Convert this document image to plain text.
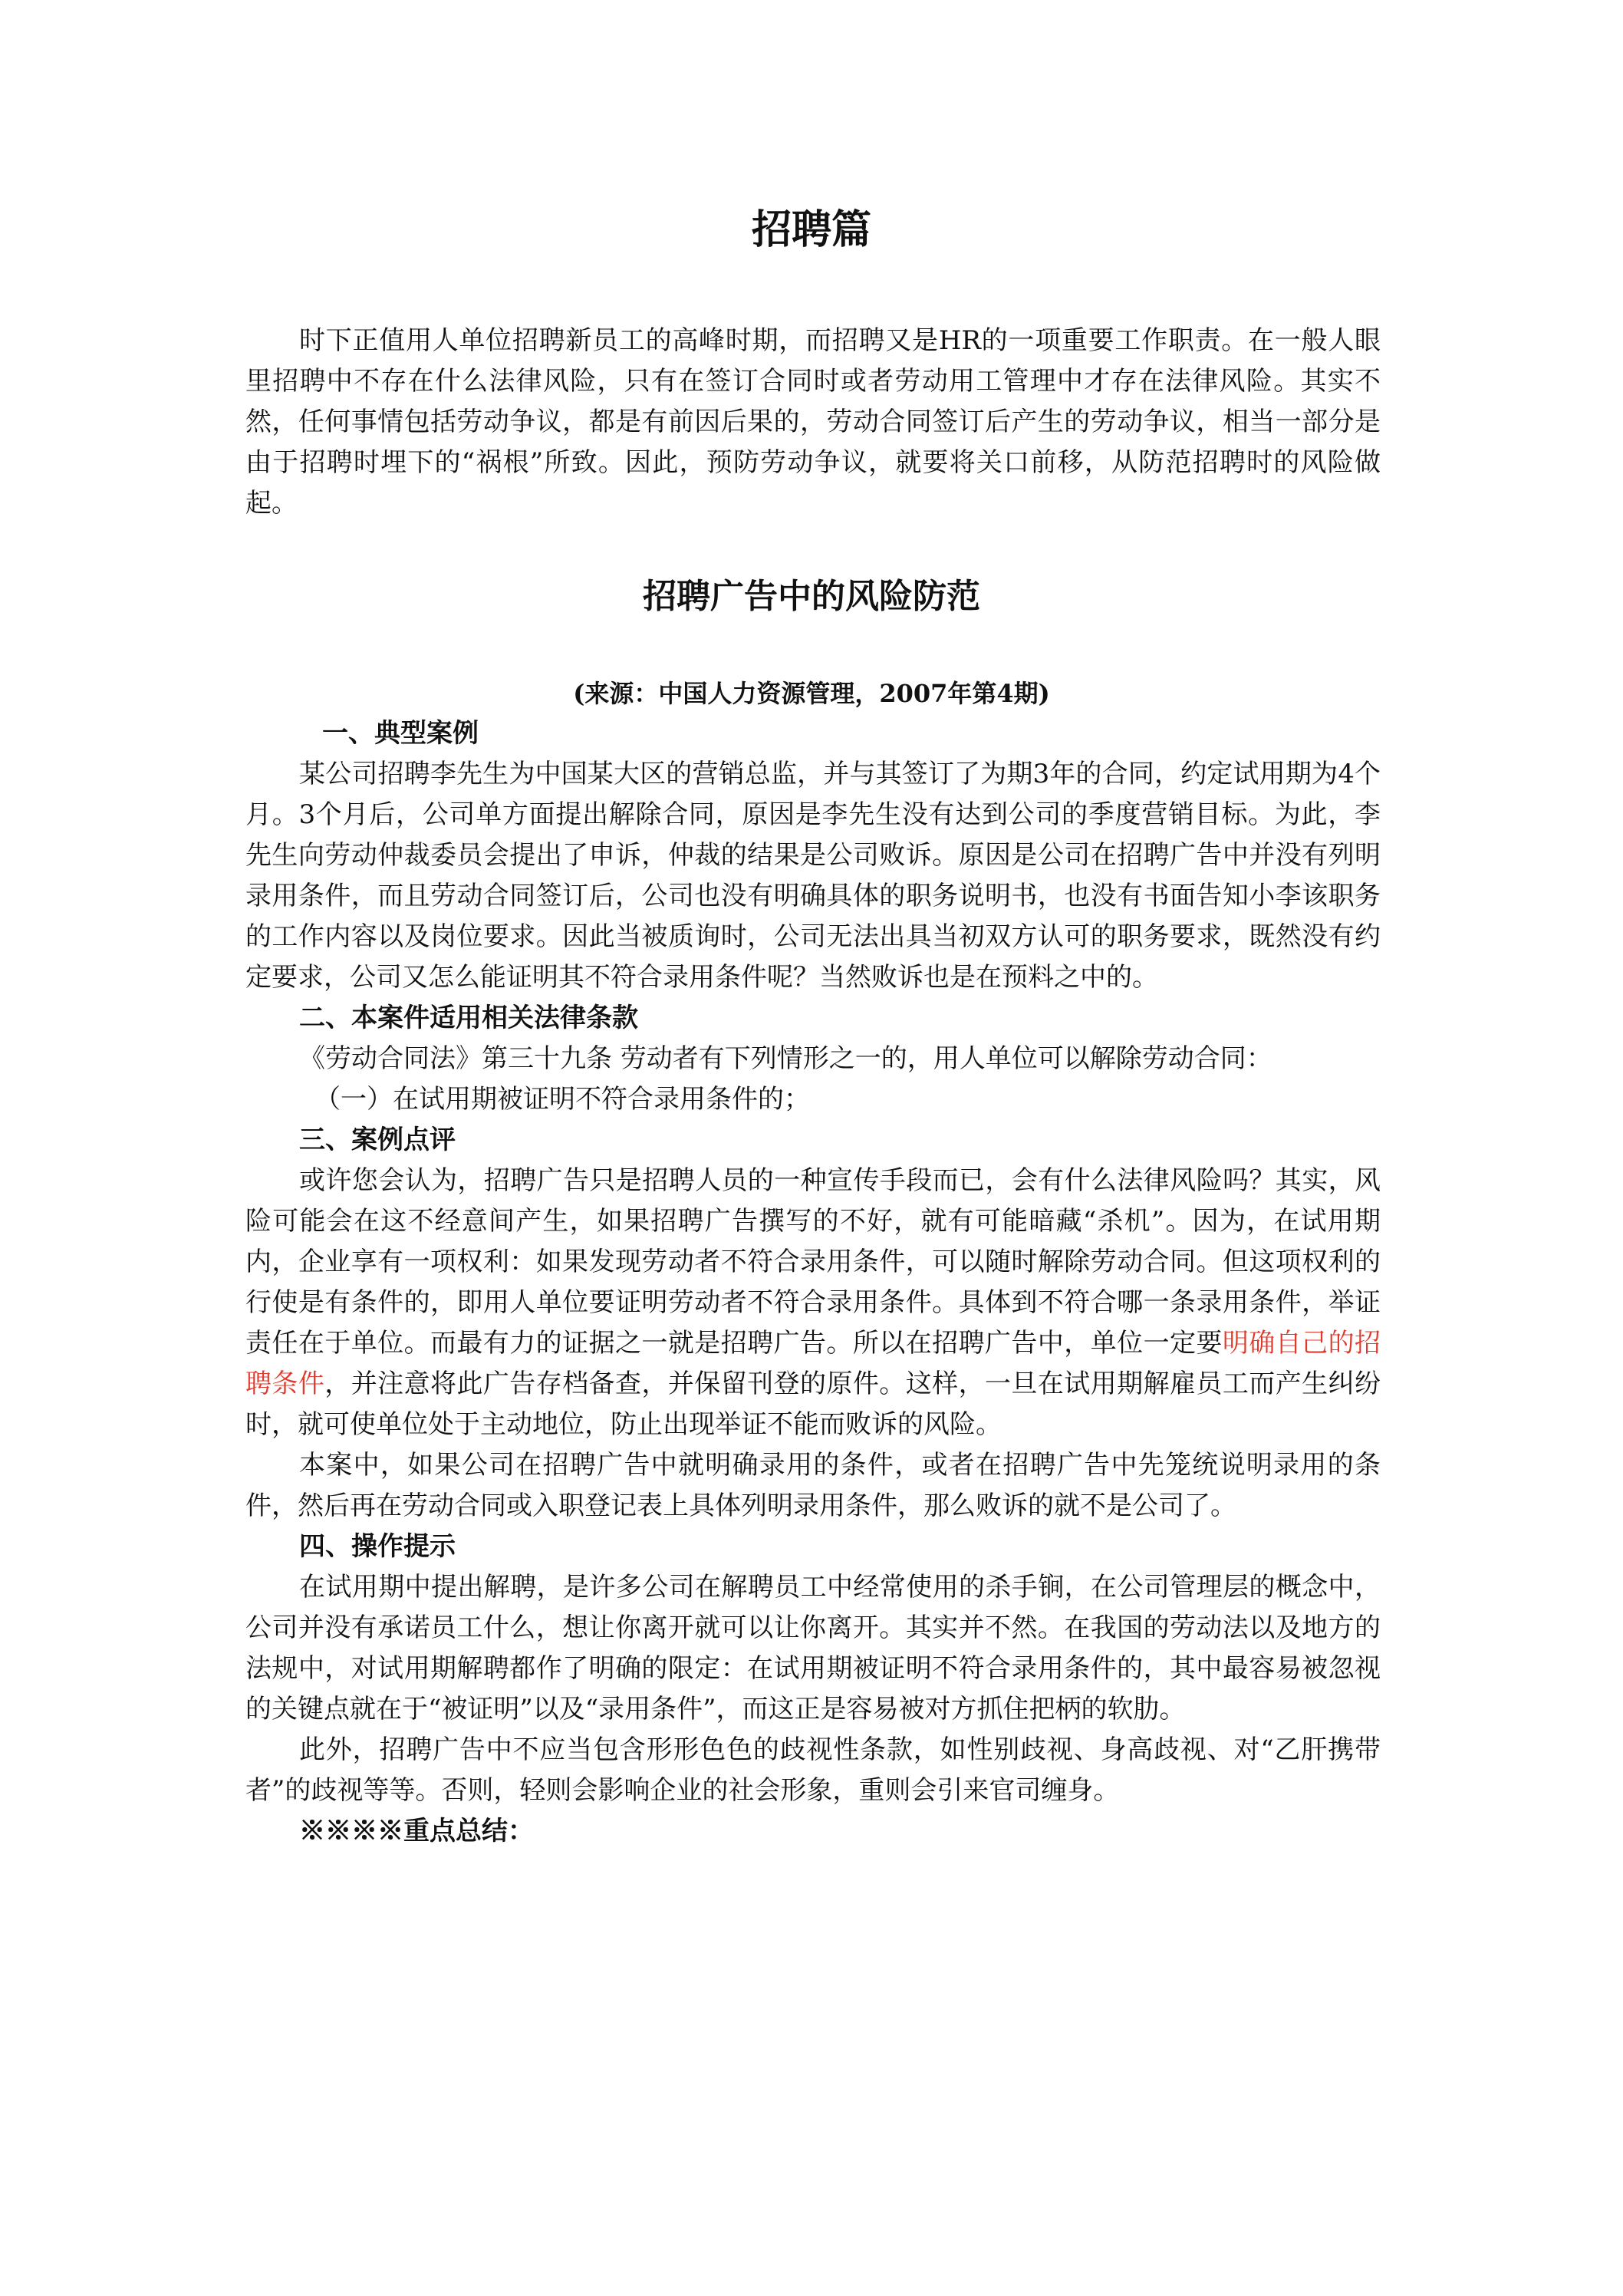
招聘篇

时下正值用人单位招聘新员工的高峰时期，而招聘又是HR的一项重要工作职责。在一般人眼里招聘中不存在什么法律风险，只有在签订合同时或者劳动用工管理中才存在法律风险。其实不然，任何事情包括劳动争议，都是有前因后果的，劳动合同签订后产生的劳动争议，相当一部分是由于招聘时埋下的“祸根”所致。因此，预防劳动争议，就要将关口前移，从防范招聘时的风险做起。

招聘广告中的风险防范

(来源：中国人力资源管理，2007年第4期)

一、典型案例

某公司招聘李先生为中国某大区的营销总监，并与其签订了为期3年的合同，约定试用期为4个月。3个月后，公司单方面提出解除合同，原因是李先生没有达到公司的季度营销目标。为此，李先生向劳动仲裁委员会提出了申诉，仲裁的结果是公司败诉。原因是公司在招聘广告中并没有列明录用条件，而且劳动合同签订后，公司也没有明确具体的职务说明书，也没有书面告知小李该职务的工作内容以及岗位要求。因此当被质询时，公司无法出具当初双方认可的职务要求，既然没有约定要求，公司又怎么能证明其不符合录用条件呢？当然败诉也是在预料之中的。

二、本案件适用相关法律条款

《劳动合同法》第三十九条 劳动者有下列情形之一的，用人单位可以解除劳动合同：

（一）在试用期被证明不符合录用条件的；

三、案例点评

或许您会认为，招聘广告只是招聘人员的一种宣传手段而已，会有什么法律风险吗？其实，风险可能会在这不经意间产生，如果招聘广告撰写的不好，就有可能暗藏“杀机”。因为，在试用期内，企业享有一项权利：如果发现劳动者不符合录用条件，可以随时解除劳动合同。但这项权利的行使是有条件的，即用人单位要证明劳动者不符合录用条件。具体到不符合哪一条录用条件，举证责任在于单位。而最有力的证据之一就是招聘广告。所以在招聘广告中，单位一定要明确自己的招聘条件，并注意将此广告存档备查，并保留刊登的原件。这样，一旦在试用期解雇员工而产生纠纷时，就可使单位处于主动地位，防止出现举证不能而败诉的风险。

本案中，如果公司在招聘广告中就明确录用的条件，或者在招聘广告中先笼统说明录用的条件，然后再在劳动合同或入职登记表上具体列明录用条件，那么败诉的就不是公司了。

四、操作提示

在试用期中提出解聘，是许多公司在解聘员工中经常使用的杀手锏，在公司管理层的概念中，公司并没有承诺员工什么，想让你离开就可以让你离开。其实并不然。在我国的劳动法以及地方的法规中，对试用期解聘都作了明确的限定：在试用期被证明不符合录用条件的，其中最容易被忽视的关键点就在于“被证明”以及“录用条件”，而这正是容易被对方抓住把柄的软肋。

此外，招聘广告中不应当包含形形色色的歧视性条款，如性别歧视、身高歧视、对“乙肝携带者”的歧视等等。否则，轻则会影响企业的社会形象，重则会引来官司缠身。

※※※※重点总结：
